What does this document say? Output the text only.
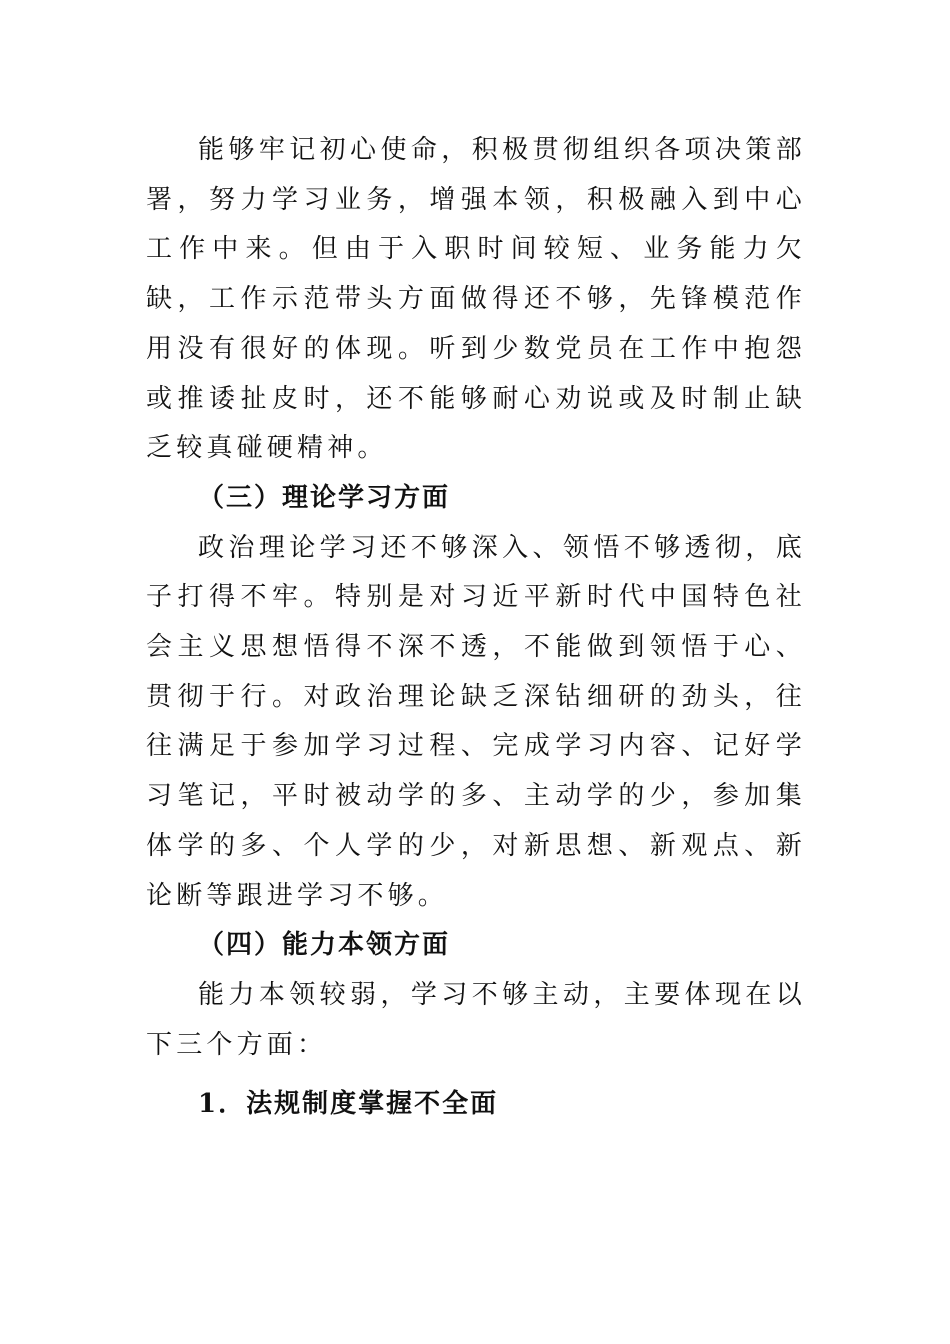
能够牢记初心使命，积极贯彻组织各项决策部署，努力学习业务，增强本领，积极融入到中心工作中来。但由于入职时间较短、业务能力欠缺，工作示范带头方面做得还不够，先锋模范作用没有很好的体现。听到少数党员在工作中抱怨或推诿扯皮时，还不能够耐心劝说或及时制止缺乏较真碰硬精神。

（三）理论学习方面

政治理论学习还不够深入、领悟不够透彻，底子打得不牢。特别是对习近平新时代中国特色社会主义思想悟得不深不透，不能做到领悟于心、贯彻于行。对政治理论缺乏深钻细研的劲头，往往满足于参加学习过程、完成学习内容、记好学习笔记，平时被动学的多、主动学的少，参加集体学的多、个人学的少，对新思想、新观点、新论断等跟进学习不够。

（四）能力本领方面

能力本领较弱，学习不够主动，主要体现在以下三个方面：

1．法规制度掌握不全面
